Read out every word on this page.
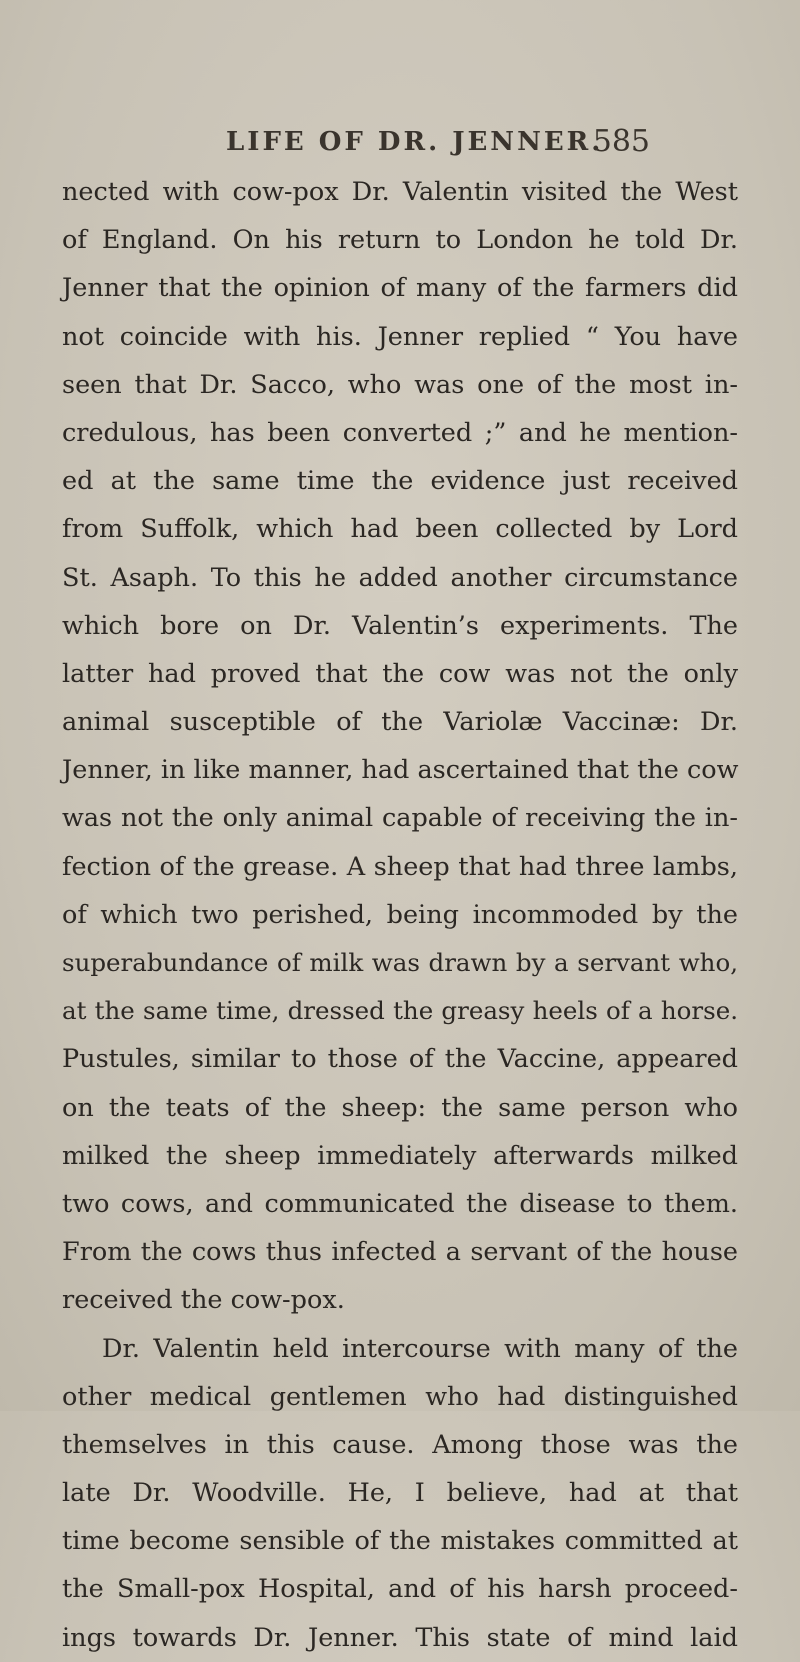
LIFE OF DR. JENNER.
585
nected with cow-pox Dr. Valentin visited the West
of England. On his return to London he told Dr.
Jenner that the opinion of many of the farmers did
not coincide with his. Jenner replied “ You have
seen that Dr. Sacco, who was one of the most in-
credulous, has been converted ;” and he mention-
ed at the same time the evidence just received
from Suffolk, which had been collected by Lord
St. Asaph. To this he added another circumstance
which bore on Dr. Valentin’s experiments. The
latter had proved that the cow was not the only
animal susceptible of the Variolæ Vaccinæ: Dr.
Jenner, in like manner, had ascertained that the cow
was not the only animal capable of receiving the in-
fection of the grease. A sheep that had three lambs,
of which two perished, being incommoded by the
superabundance of milk was drawn by a servant who,
at the same time, dressed the greasy heels of a horse.
Pustules, similar to those of the Vaccine, appeared
on the teats of the sheep: the same person who
milked the sheep immediately afterwards milked
two cows, and communicated the disease to them.
From the cows thus infected a servant of the house
received the cow-pox.
Dr. Valentin held intercourse with many of the
other medical gentlemen who had distinguished
themselves in this cause. Among those was the
late Dr. Woodville. He, I believe, had at that
time become sensible of the mistakes committed at
the Small-pox Hospital, and of his harsh proceed-
ings towards Dr. Jenner. This state of mind laid
